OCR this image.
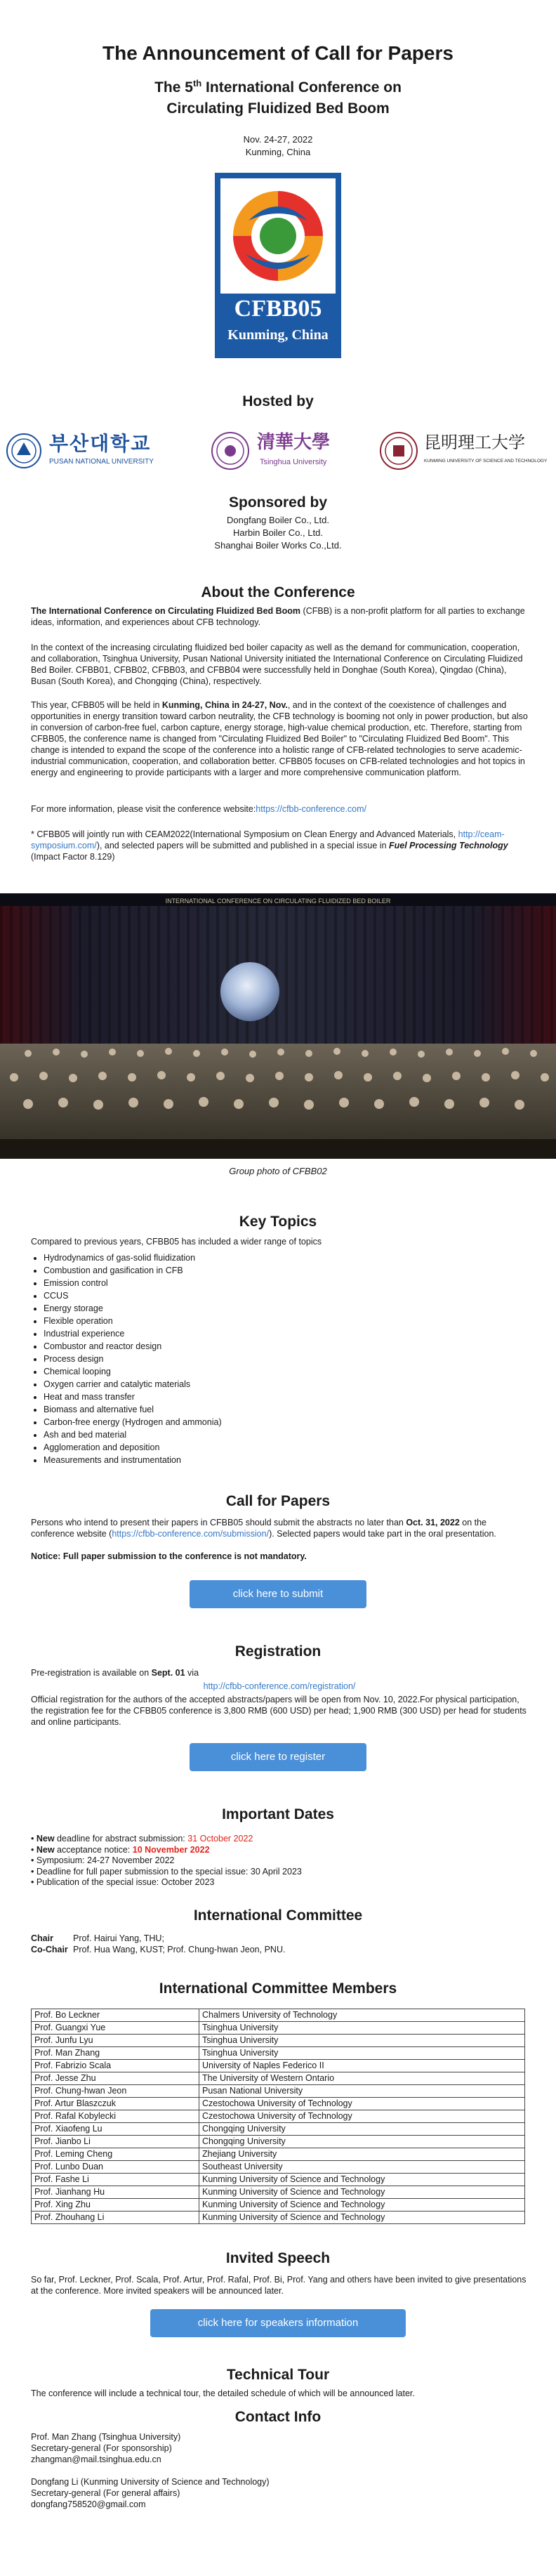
The Announcement of Call for Papers
The 5th International Conference on
Circulating Fluidized Bed Boom
Nov. 24-27, 2022
Kunming, China
CFBB05
Kunming, China
Hosted by
부산대학교
PUSAN NATIONAL UNIVERSITY
清華大學
Tsinghua University
昆明理工大学
KUNMING UNIVERSITY OF SCIENCE AND TECHNOLOGY
Sponsored by
Dongfang Boiler Co., Ltd.
Harbin Boiler Co., Ltd.
Shanghai Boiler Works Co.,Ltd.
About the Conference

The International Conference on Circulating Fluidized Bed Boom (CFBB) is a non-profit platform for all parties to exchange ideas, information, and experiences about CFB technology.

In the context of the increasing circulating fluidized bed boiler capacity as well as the demand for communication, cooperation, and collaboration, Tsinghua University, Pusan National University initiated the International Conference on Circulating Fluidized Bed Boiler. CFBB01, CFBB02, CFBB03, and CFBB04 were successfully held in Donghae (South Korea), Qingdao (China), Busan (South Korea), and Chongqing (China), respectively.

This year, CFBB05 will be held in Kunming, China in 24-27, Nov., and in the context of the coexistence of challenges and opportunities in energy transition toward carbon neutrality, the CFB technology is booming not only in power production, but also in conversion of carbon-free fuel, carbon capture, energy storage, high-value chemical production, etc. Therefore, starting from CFBB05, the conference name is changed from "Circulating Fluidized Bed Boiler" to "Circulating Fluidized Bed Boom". This change is intended to expand the scope of the conference into a holistic range of CFB-related technologies to serve academic-industrial communication, cooperation, and collaboration better. CFBB05 focuses on CFB-related technologies and hot topics in energy and engineering to provide participants with a larger and more comprehensive communication platform.

For more information, please visit the conference website:https://cfbb-conference.com/

* CFBB05 will jointly run with CEAM2022(International Symposium on Clean Energy and Advanced Materials, http://ceam-symposium.com/), and selected papers will be submitted and published in a special issue in Fuel Processing Technology (Impact Factor 8.129)

INTERNATIONAL CONFERENCE ON CIRCULATING FLUIDIZED BED BOILER
Group photo of CFBB02
Key Topics

Compared to previous years, CFBB05 has included a wider range of topics

• Hydrodynamics of gas-solid fluidization
• Combustion and gasification in CFB
• Emission control
• CCUS
• Energy storage
• Flexible operation
• Industrial experience
• Combustor and reactor design
• Process design
• Chemical looping
• Oxygen carrier and catalytic materials
• Heat and mass transfer
• Biomass and alternative fuel
• Carbon-free energy (Hydrogen and ammonia)
• Ash and bed material
• Agglomeration and deposition
• Measurements and instrumentation
Call for Papers

Persons who intend to present their papers in CFBB05 should submit the abstracts no later than Oct. 31, 2022 on the conference website (https://cfbb-conference.com/submission/). Selected papers would take part in the oral presentation.

Notice: Full paper submission to the conference is not mandatory.

click here to submit
Registration

Pre-registration is available on Sept. 01 via

http://cfbb-conference.com/registration/

Official registration for the authors of the accepted abstracts/papers will be open from Nov. 10, 2022.For physical participation, the registration fee for the CFBB05 conference is 3,800 RMB (600 USD) per head; 1,900 RMB (300 USD) per head for students and online participants.

click here to register
Important Dates
• New deadline for abstract submission: 31 October 2022
• New acceptance notice: 10 November 2022
• Symposium: 24-27 November 2022
• Deadline for full paper submission to the special issue: 30 April 2023
• Publication of the special issue: October 2023
International Committee
Chair Prof. Hairui Yang, THU;
Co-Chair Prof. Hua Wang, KUST; Prof. Chung-hwan Jeon, PNU.
International Committee Members
Prof. Bo Leckner	Chalmers University of Technology
Prof. Guangxi Yue	Tsinghua University
Prof. Junfu Lyu	Tsinghua University
Prof. Man Zhang	Tsinghua University
Prof. Fabrizio Scala	University of Naples Federico II
Prof. Jesse Zhu	The University of Western Ontario
Prof. Chung-hwan Jeon	Pusan National University
Prof. Artur Blaszczuk	Czestochowa University of Technology
Prof. Rafal Kobylecki	Czestochowa University of Technology
Prof. Xiaofeng Lu	Chongqing University
Prof. Jianbo Li	Chongqing University
Prof. Leming Cheng	Zhejiang University
Prof. Lunbo Duan	Southeast University
Prof. Fashe Li	Kunming University of Science and Technology
Prof. Jianhang Hu	Kunming University of Science and Technology
Prof. Xing Zhu	Kunming University of Science and Technology
Prof. Zhouhang Li	Kunming University of Science and Technology
Invited Speech

So far, Prof. Leckner, Prof. Scala, Prof. Artur, Prof. Rafal, Prof. Bi, Prof. Yang and others have been invited to give presentations at the conference. More invited speakers will be announced later.

click here for speakers information
Technical Tour

The conference will include a technical tour, the detailed schedule of which will be announced later.

Contact Info
Prof. Man Zhang (Tsinghua University)
Secretary-general (For sponsorship)
zhangman@mail.tsinghua.edu.cn
Dongfang Li (Kunming University of Science and Technology)
Secretary-general (For general affairs)
dongfang758520@gmail.com
